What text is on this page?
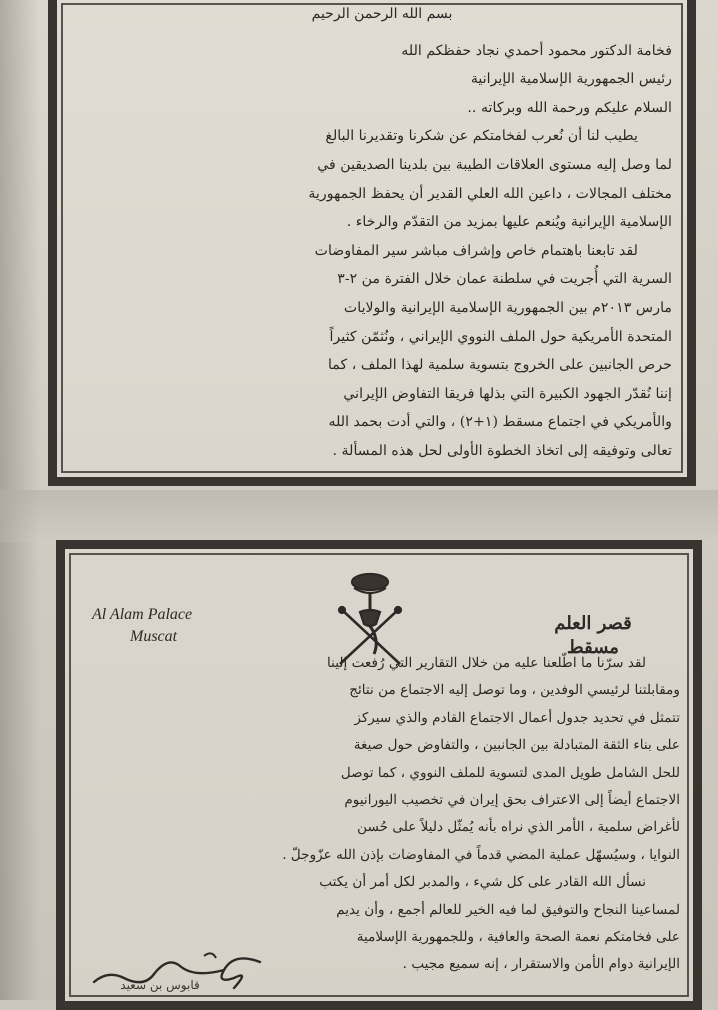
بسم الله الرحمن الرحيم
فخامة الدكتور محمود أحمدي نجاد حفظكم الله
رئيس الجمهورية الإسلامية الإيرانية
السلام عليكم ورحمة الله وبركاته ..
يطيب لنا أن نُعرب لفخامتكم عن شكرنا وتقديرنا البالغ
لما وصل إليه مستوى العلاقات الطيبة بين بلدينا الصديقين في
مختلف المجالات ، داعين الله العلي القدير أن يحفظ الجمهورية
الإسلامية الإيرانية ويُنعم عليها بمزيد من التقدّم والرخاء .
لقد تابعنا باهتمام خاص وإشراف مباشر سير المفاوضات
السرية التي أُجريت في سلطنة عمان خلال الفترة من ٢-٣
مارس ٢٠١٣م بين الجمهورية الإسلامية الإيرانية والولايات
المتحدة الأمريكية حول الملف النووي الإيراني ، ونُثمّن كثيراً
حرص الجانبين على الخروج بتسوية سلمية لهذا الملف ، كما
إننا نُقدّر الجهود الكبيرة التي بذلها فريقا التفاوض الإيراني
والأمريكي في اجتماع مسقط (١+٢) ، والتي أدت بحمد الله
تعالى وتوفيقه إلى اتخاذ الخطوة الأولى لحل هذه المسألة .
Al Alam Palace
Muscat
قصر العلم
مسقط
لقد سرّنا ما اطّلعنا عليه من خلال التقارير التي رُفعت إلينا
ومقابلتنا لرئيسي الوفدين ، وما توصل إليه الاجتماع من نتائج
تتمثل في تحديد جدول أعمال الاجتماع القادم والذي سيركز
على بناء الثقة المتبادلة بين الجانبين ، والتفاوض حول صيغة
للحل الشامل طويل المدى لتسوية للملف النووي ، كما توصل
الاجتماع أيضاً إلى الاعتراف بحق إيران في تخصيب اليورانيوم
لأغراض سلمية ، الأمر الذي نراه بأنه يُمثّل دليلاً على حُسن
النوايا ، وسيُسهّل عملية المضي قدماً في المفاوضات بإذن الله عزّوجلّ .
نسأل الله القادر على كل شيء ، والمدبر لكل أمر أن يكتب
لمساعينا النجاح والتوفيق لما فيه الخير للعالم أجمع ، وأن يديم
على فخامتكم نعمة الصحة والعافية ، وللجمهورية الإسلامية
الإيرانية دوام الأمن والاستقرار ، إنه سميع مجيب .
قابوس بن سعيد
